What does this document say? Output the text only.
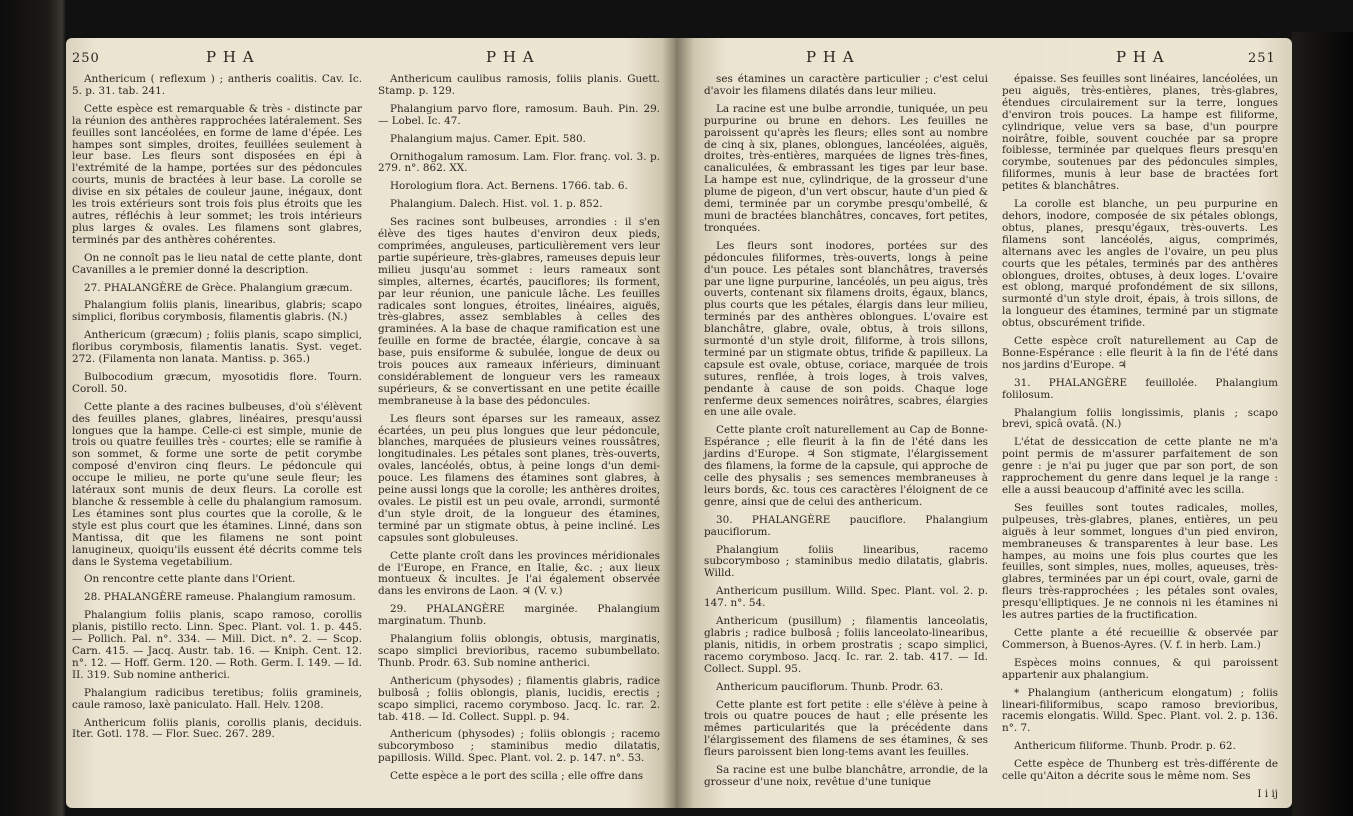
250	P H A	P H A

Anthericum ( reflexum ) ; antheris coalitis. Cav. Ic. 5. p. 31. tab. 241.

Cette espèce est remarquable & très - distincte par la réunion des anthères rapprochées latéralement. Ses feuilles sont lancéolées, en forme de lame d'épée. Les hampes sont simples, droites, feuillées seulement à leur base. Les fleurs sont disposées en épi à l'extrémité de la hampe, portées sur des pédoncules courts, munis de bractées à leur base. La corolle se divise en six pétales de couleur jaune, inégaux, dont les trois extérieurs sont trois fois plus étroits que les autres, réfléchis à leur sommet; les trois intérieurs plus larges & ovales. Les filamens sont glabres, terminés par des anthères cohérentes.

On ne connoît pas le lieu natal de cette plante, dont Cavanilles a le premier donné la description.

27. PHALANGÈRE de Grèce. Phalangium græcum.

Phalangium foliis planis, linearibus, glabris; scapo simplici, floribus corymbosis, filamentis glabris. (N.)

Anthericum (græcum) ; foliis planis, scapo simplici, floribus corymbosis, filamentis lanatis. Syst. veget. 272. (Filamenta non lanata. Mantiss. p. 365.)

Bulbocodium græcum, myosotidis flore. Tourn. Coroll. 50.

Cette plante a des racines bulbeuses, d'où s'élèvent des feuilles planes, glabres, linéaires, presqu'aussi longues que la hampe. Celle-ci est simple, munie de trois ou quatre feuilles très - courtes; elle se ramifie à son sommet, & forme une sorte de petit corymbe composé d'environ cinq fleurs. Le pédoncule qui occupe le milieu, ne porte qu'une seule fleur; les latéraux sont munis de deux fleurs. La corolle est blanche & ressemble à celle du phalangium ramosum. Les étamines sont plus courtes que la corolle, & le style est plus court que les étamines. Linné, dans son Mantissa, dit que les filamens ne sont point lanugineux, quoiqu'ils eussent été décrits comme tels dans le Systema vegetabilium.

On rencontre cette plante dans l'Orient.

28. PHALANGÈRE rameuse. Phalangium ramosum.

Phalangium foliis planis, scapo ramoso, corollis planis, pistillo recto. Linn. Spec. Plant. vol. 1. p. 445. — Pollich. Pal. n°. 334. — Mill. Dict. n°. 2. — Scop. Carn. 415. — Jacq. Austr. tab. 16. — Kniph. Cent. 12. n°. 12. — Hoff. Germ. 120. — Roth. Germ. I. 149. — Id. II. 319. Sub nomine antherici.

Phalangium radicibus teretibus; foliis gramineis, caule ramoso, laxè paniculato. Hall. Helv. 1208.

Anthericum foliis planis, corollis planis, deciduis. Iter. Gotl. 178. — Flor. Suec. 267. 289.

Anthericum caulibus ramosis, foliis planis. Guett. Stamp. p. 129.

Phalangium parvo flore, ramosum. Bauh. Pin. 29. — Lobel. Ic. 47.

Phalangium majus. Camer. Epit. 580.

Ornithogalum ramosum. Lam. Flor. franç. vol. 3. p. 279. n°. 862. XX.

Horologium flora. Act. Bernens. 1766. tab. 6.

Phalangium. Dalech. Hist. vol. 1. p. 852.

Ses racines sont bulbeuses, arrondies : il s'en élève des tiges hautes d'environ deux pieds, comprimées, anguleuses, particulièrement vers leur partie supérieure, très-glabres, rameuses depuis leur milieu jusqu'au sommet : leurs rameaux sont simples, alternes, écartés, pauciflores; ils forment, par leur réunion, une panicule lâche. Les feuilles radicales sont longues, étroites, linéaires, aiguës, très-glabres, assez semblables à celles des graminées. A la base de chaque ramification est une feuille en forme de bractée, élargie, concave à sa base, puis ensiforme & subulée, longue de deux ou trois pouces aux rameaux inférieurs, diminuant considérablement de longueur vers les rameaux supérieurs, & se convertissant en une petite écaille membraneuse à la base des pédoncules.

Les fleurs sont éparses sur les rameaux, assez écartées, un peu plus longues que leur pédoncule, blanches, marquées de plusieurs veines roussâtres, longitudinales. Les pétales sont planes, très-ouverts, ovales, lancéolés, obtus, à peine longs d'un demi-pouce. Les filamens des étamines sont glabres, à peine aussi longs que la corolle; les anthères droites, ovales. Le pistil est un peu ovale, arrondi, surmonté d'un style droit, de la longueur des étamines, terminé par un stigmate obtus, à peine incliné. Les capsules sont globuleuses.

Cette plante croît dans les provinces méridionales de l'Europe, en France, en Italie, &c. ; aux lieux montueux & incultes. Je l'ai également observée dans les environs de Laon. ♃ (V. v.)

29. PHALANGÈRE marginée. Phalangium marginatum. Thunb.

Phalangium foliis oblongis, obtusis, marginatis, scapo simplici brevioribus, racemo subumbellato. Thunb. Prodr. 63. Sub nomine antherici.

Anthericum (physodes) ; filamentis glabris, radice bulbosâ ; foliis oblongis, planis, lucidis, erectis ; scapo simplici, racemo corymboso. Jacq. Ic. rar. 2. tab. 418. — Id. Collect. Suppl. p. 94.

Anthericum (physodes) ; foliis oblongis ; racemo subcorymboso ; staminibus medio dilatatis, papillosis. Willd. Spec. Plant. vol. 2. p. 147. n°. 53.

Cette espèce a le port des scilla ; elle offre dans

P H A	P H A	251

ses étamines un caractère particulier ; c'est celui d'avoir les filamens dilatés dans leur milieu.

La racine est une bulbe arrondie, tuniquée, un peu purpurine ou brune en dehors. Les feuilles ne paroissent qu'après les fleurs; elles sont au nombre de cinq à six, planes, oblongues, lancéolées, aiguës, droites, très-entières, marquées de lignes très-fines, canaliculées, & embrassant les tiges par leur base. La hampe est nue, cylindrique, de la grosseur d'une plume de pigeon, d'un vert obscur, haute d'un pied & demi, terminée par un corymbe presqu'ombellé, & muni de bractées blanchâtres, concaves, fort petites, tronquées.

Les fleurs sont inodores, portées sur des pédoncules filiformes, très-ouverts, longs à peine d'un pouce. Les pétales sont blanchâtres, traversés par une ligne purpurine, lancéolés, un peu aigus, très ouverts, contenant six filamens droits, égaux, blancs, plus courts que les pétales, élargis dans leur milieu, terminés par des anthères oblongues. L'ovaire est blanchâtre, glabre, ovale, obtus, à trois sillons, surmonté d'un style droit, filiforme, à trois sillons, terminé par un stigmate obtus, trifide & papilleux. La capsule est ovale, obtuse, coriace, marquée de trois sutures, renflée, à trois loges, à trois valves, pendante à cause de son poids. Chaque loge renferme deux semences noirâtres, scabres, élargies en une aile ovale.

Cette plante croît naturellement au Cap de Bonne-Espérance ; elle fleurit à la fin de l'été dans les jardins d'Europe. ♃ Son stigmate, l'élargissement des filamens, la forme de la capsule, qui approche de celle des physalis ; ses semences membraneuses à leurs bords, &c. tous ces caractères l'éloignent de ce genre, ainsi que de celui des anthericum.

30. PHALANGÈRE pauciflore. Phalangium pauciflorum.

Phalangium foliis linearibus, racemo subcorymboso ; staminibus medio dilatatis, glabris. Willd.

Anthericum pusillum. Willd. Spec. Plant. vol. 2. p. 147. n°. 54.

Anthericum (pusillum) ; filamentis lanceolatis, glabris ; radice bulbosâ ; foliis lanceolato-linearibus, planis, nitidis, in orbem prostratis ; scapo simplici, racemo corymboso. Jacq. Ic. rar. 2. tab. 417. — Id. Collect. Suppl. 95.

Anthericum pauciflorum. Thunb. Prodr. 63.

Cette plante est fort petite : elle s'élève à peine à trois ou quatre pouces de haut ; elle présente les mêmes particularités que la précédente dans l'élargissement des filamens de ses étamines, & ses fleurs paroissent bien long-tems avant les feuilles.

Sa racine est une bulbe blanchâtre, arrondie, de la grosseur d'une noix, revêtue d'une tunique

épaisse. Ses feuilles sont linéaires, lancéolées, un peu aiguës, très-entières, planes, très-glabres, étendues circulairement sur la terre, longues d'environ trois pouces. La hampe est filiforme, cylindrique, velue vers sa base, d'un pourpre noirâtre, foible, souvent couchée par sa propre foiblesse, terminée par quelques fleurs presqu'en corymbe, soutenues par des pédoncules simples, filiformes, munis à leur base de bractées fort petites & blanchâtres.

La corolle est blanche, un peu purpurine en dehors, inodore, composée de six pétales oblongs, obtus, planes, presqu'égaux, très-ouverts. Les filamens sont lancéolés, aigus, comprimés, alternans avec les angles de l'ovaire, un peu plus courts que les pétales, terminés par des anthères oblongues, droites, obtuses, à deux loges. L'ovaire est oblong, marqué profondément de six sillons, surmonté d'un style droit, épais, à trois sillons, de la longueur des étamines, terminé par un stigmate obtus, obscurément trifide.

Cette espèce croît naturellement au Cap de Bonne-Espérance : elle fleurit à la fin de l'été dans nos jardins d'Europe. ♃

31. PHALANGÈRE feuillolée. Phalangium folilosum.

Phalangium foliis longissimis, planis ; scapo brevi, spicâ ovatâ. (N.)

L'état de dessiccation de cette plante ne m'a point permis de m'assurer parfaitement de son genre : je n'ai pu juger que par son port, de son rapprochement du genre dans lequel je la range : elle a aussi beaucoup d'affinité avec les scilla.

Ses feuilles sont toutes radicales, molles, pulpeuses, très-glabres, planes, entières, un peu aiguës à leur sommet, longues d'un pied environ, membraneuses & transparentes à leur base. Les hampes, au moins une fois plus courtes que les feuilles, sont simples, nues, molles, aqueuses, très-glabres, terminées par un épi court, ovale, garni de fleurs très-rapprochées ; les pétales sont ovales, presqu'elliptiques. Je ne connois ni les étamines ni les autres parties de la fructification.

Cette plante a été recueillie & observée par Commerson, à Buenos-Ayres. (V. f. in herb. Lam.)

Espèces moins connues, & qui paroissent appartenir aux phalangium.

* Phalangium (anthericum elongatum) ; foliis lineari-filiformibus, scapo ramoso brevioribus, racemis elongatis. Willd. Spec. Plant. vol. 2. p. 136. n°. 7.

Anthericum filiforme. Thunb. Prodr. p. 62.

Cette espèce de Thunberg est très-différente de celle qu'Aiton a décrite sous le même nom. Ses

I i ij
